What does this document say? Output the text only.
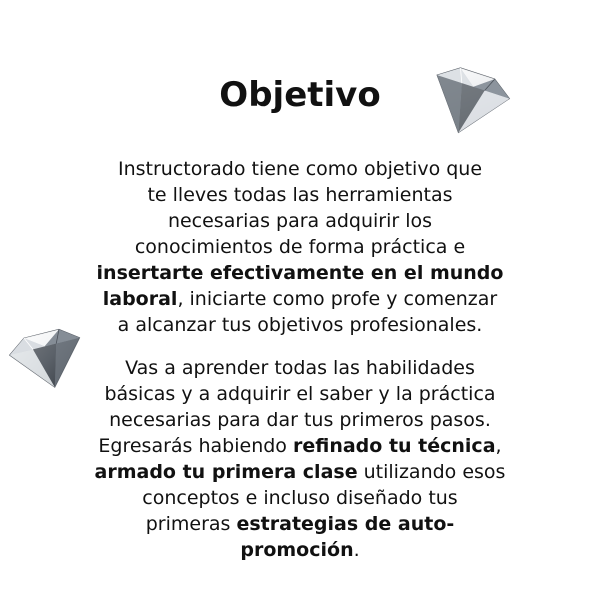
Objetivo
Instructorado tiene como objetivo que
te lleves todas las herramientas
necesarias para adquirir los
conocimientos de forma práctica e
insertarte efectivamente en el mundo
laboral, iniciarte como profe y comenzar
a alcanzar tus objetivos profesionales.
Vas a aprender todas las habilidades
básicas y a adquirir el saber y la práctica
necesarias para dar tus primeros pasos.
Egresarás habiendo refinado tu técnica,
armado tu primera clase utilizando esos
conceptos e incluso diseñado tus
primeras estrategias de auto-
promoción.
